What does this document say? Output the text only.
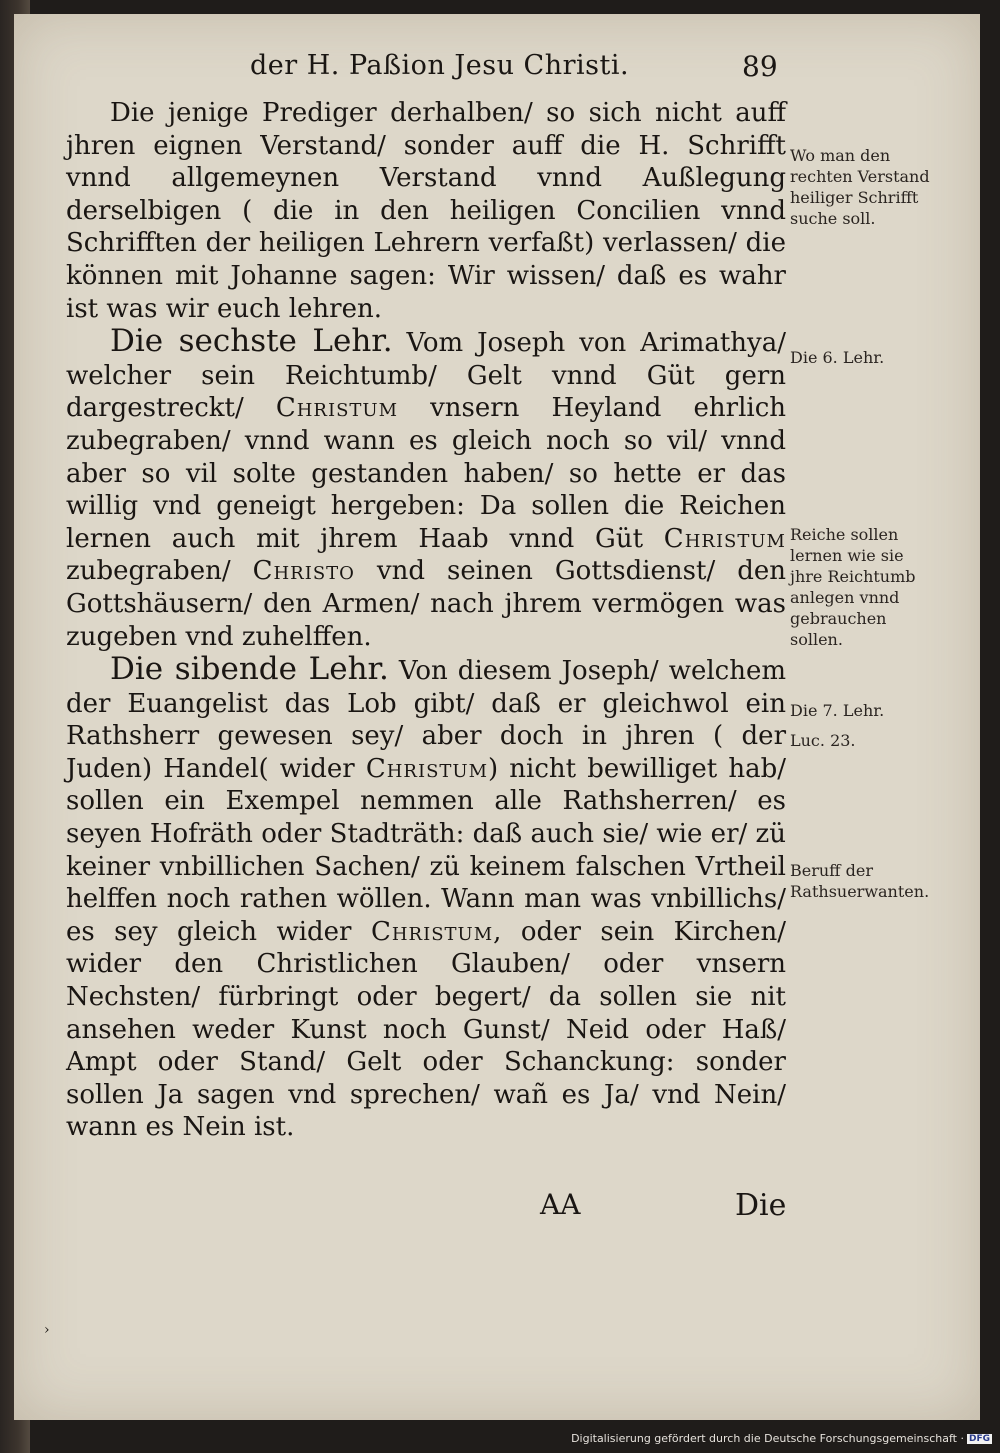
der H. Paßion Jesu Christi.	89

Die jenige Prediger derhalben/ so sich nicht auff jhren eignen Verstand/ sonder auff die H. Schrifft vnnd allgemeynen Verstand vnnd Außlegung derselbigen ( die in den heiligen Concilien vnnd Schrifften der heiligen Lehrern verfaßt) verlassen/ die können mit Johanne sagen: Wir wissen/ daß es wahr ist was wir euch lehren.

Die sechste Lehr. Vom Joseph von Arimathya/ welcher sein Reichtumb/ Gelt vnnd Güt gern dargestreckt/ Christum vnsern Heyland ehrlich zubegraben/ vnnd wann es gleich noch so vil/ vnnd aber so vil solte gestanden haben/ so hette er das willig vnd geneigt hergeben: Da sollen die Reichen lernen auch mit jhrem Haab vnnd Güt Christum zubegraben/ Christo vnd seinen Gottsdienst/ den Gottshäusern/ den Armen/ nach jhrem vermögen was zugeben vnd zuhelffen.

Die sibende Lehr. Von diesem Joseph/ welchem der Euangelist das Lob gibt/ daß er gleichwol ein Rathsherr gewesen sey/ aber doch in jhren ( der Juden) Handel( wider Christum) nicht bewilliget hab/ sollen ein Exempel nemmen alle Rathsherren/ es seyen Hofräth oder Stadträth: daß auch sie/ wie er/ zü keiner vnbillichen Sachen/ zü keinem falschen Vrtheil helffen noch rathen wöllen. Wann man was vnbillichs/ es sey gleich wider Christum, oder sein Kirchen/ wider den Christlichen Glauben/ oder vnsern Nechsten/ fürbringt oder begert/ da sollen sie nit ansehen weder Kunst noch Gunst/ Neid oder Haß/ Ampt oder Stand/ Gelt oder Schanckung: sonder sollen Ja sagen vnd sprechen/ wañ es Ja/ vnd Nein/ wann es Nein ist.

Wo man den rechten Verstand heiliger Schrifft suche soll.
Die 6. Lehr.
Reiche sollen lernen wie sie jhre Reichtumb anlegen vnnd gebrauchen sollen.
Die 7. Lehr.
Luc. 23.
Beruff der Rathsuerwanten.
AA	Die
›
Digitalisierung gefördert durch die Deutsche Forschungsgemeinschaft · DFG
